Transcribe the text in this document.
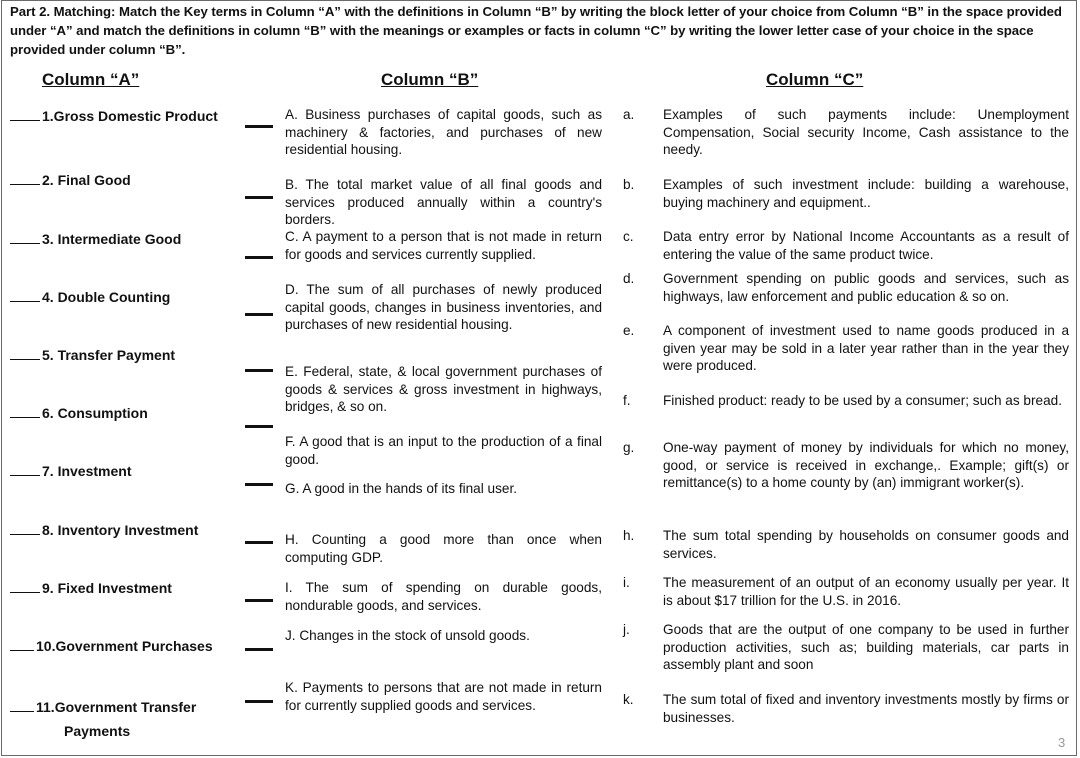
Part 2. Matching: Match the Key terms in Column “A” with the definitions in Column “B” by writing the block letter of your choice from Column “B” in the space provided under “A” and match the definitions in column “B” with the meanings or examples or facts in column “C” by writing the lower letter case of your choice in the space provided under column “B”.
Column “A”	Column “B”	Column “C”
1.Gross Domestic Product
2. Final Good
3. Intermediate Good
4. Double Counting
5. Transfer Payment
6. Consumption
7. Investment
8. Inventory Investment
9. Fixed Investment
10.Government Purchases
11.Government Transfer
Payments
A. Business purchases of capital goods, such as machinery & factories, and purchases of new residential housing.
B. The total market value of all final goods and services produced annually within a country's borders.
C. A payment to a person that is not made in return for goods and services currently supplied.
D. The sum of all purchases of newly produced capital goods, changes in business inventories, and purchases of new residential housing.
E. Federal, state, & local government purchases of goods & services & gross investment in highways, bridges, & so on.
F. A good that is an input to the production of a final good.
G. A good in the hands of its final user.
H. Counting a good more than once when computing GDP.
I. The sum of spending on durable goods, nondurable goods, and services.
J. Changes in the stock of unsold goods.
K. Payments to persons that are not made in return for currently supplied goods and services.
a.
b.
c.
d.
e.
f.
g.
h.
i.
j.
k.
Examples of such payments include: Unemployment Compensation, Social security Income, Cash assistance to the needy.
Examples of such investment include: building a warehouse, buying machinery and equipment..
Data entry error by National Income Accountants as a result of entering the value of the same product twice.
Government spending on public goods and services, such as highways, law enforcement and public education & so on.
A component of investment used to name goods produced in a given year may be sold in a later year rather than in the year they were produced.
Finished product: ready to be used by a consumer; such as bread.
One-way payment of money by individuals for which no money, good, or service is received in exchange,. Example; gift(s) or remittance(s) to a home county by (an) immigrant worker(s).
The sum total spending by households on consumer goods and services.
The measurement of an output of an economy usually per year. It is about $17 trillion for the U.S. in 2016.
Goods that are the output of one company to be used in further production activities, such as; building materials, car parts in assembly plant and soon
The sum total of fixed and inventory investments mostly by firms or businesses.
3
